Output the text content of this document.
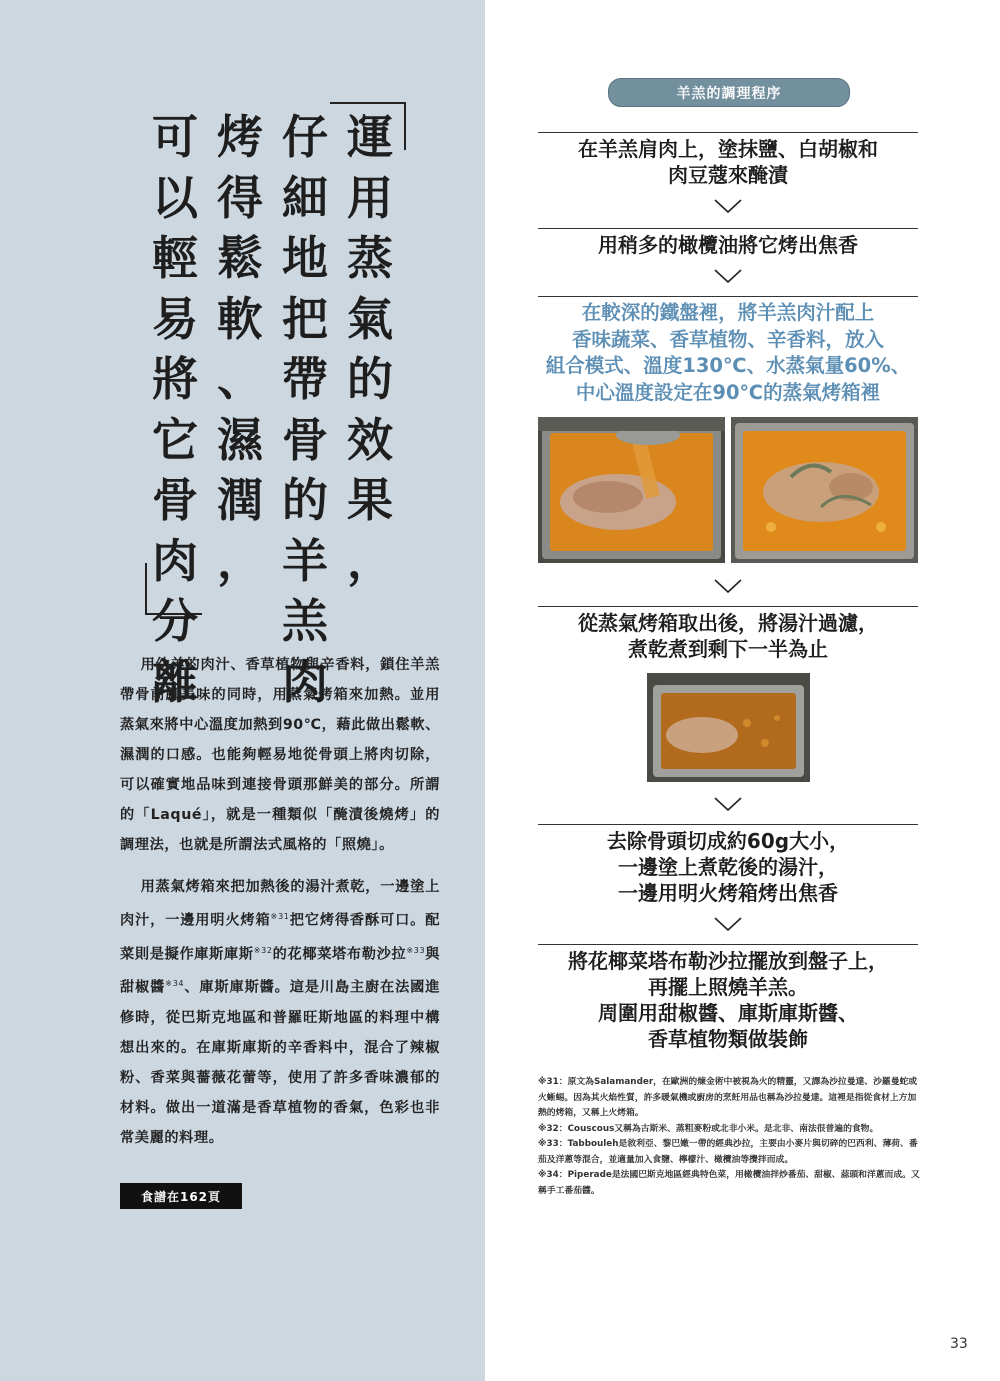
運
用
蒸
氣
的
效
果
，
仔
細
地
把
帶
骨
的
羊
羔
肉
烤
得
鬆
軟
、
濕
潤
，
可
以
輕
易
將
它
骨
肉
分
離

用幼羊的肉汁、香草植物與辛香料，鎖住羊羔帶骨前腳美味的同時，用蒸氣烤箱來加熱。並用蒸氣來將中心溫度加熱到90℃，藉此做出鬆軟、濕潤的口感。也能夠輕易地從骨頭上將肉切除，可以確實地品味到連接骨頭那鮮美的部分。所謂的「Laqué」，就是一種類似「醃漬後燒烤」的調理法，也就是所謂法式風格的「照燒」。

用蒸氣烤箱來把加熱後的湯汁煮乾，一邊塗上肉汁，一邊用明火烤箱$^{※31}$把它烤得香酥可口。配菜則是擬作庫斯庫斯$^{※32}$的花椰菜塔布勒沙拉$^{※33}$與甜椒醬$^{※34}$、庫斯庫斯醬。這是川島主廚在法國進修時，從巴斯克地區和普羅旺斯地區的料理中構想出來的。在庫斯庫斯的辛香料中，混合了辣椒粉、香菜與薔薇花蕾等，使用了許多香味濃郁的材料。做出一道滿是香草植物的香氣，色彩也非常美麗的料理。

食譜在162頁
羊羔的調理程序
在羊羔肩肉上，塗抹鹽、白胡椒和
肉豆蔻來醃漬
用稍多的橄欖油將它烤出焦香
在較深的鐵盤裡，將羊羔肉汁配上
香味蔬菜、香草植物、辛香料，放入
組合模式、溫度130℃、水蒸氣量60%、
中心溫度設定在90℃的蒸氣烤箱裡
從蒸氣烤箱取出後，將湯汁過濾，
煮乾煮到剩下一半為止
去除骨頭切成約60g大小，
一邊塗上煮乾後的湯汁，
一邊用明火烤箱烤出焦香
將花椰菜塔布勒沙拉擺放到盤子上，
再擺上照燒羊羔。
周圍用甜椒醬、庫斯庫斯醬、
香草植物類做裝飾
※31：原文為Salamander，在歐洲的煉金術中被視為火的精靈，又譯為沙拉曼達、沙羅曼蛇或火蜥蜴。因為其火焰性質，許多暖氣機或廚房的烹飪用品也稱為沙拉曼達。這裡是指從食材上方加熱的烤箱，又稱上火烤箱。
※32：Couscous又稱為古斯米、蒸粗麥粉或北非小米。是北非、南法很普遍的食物。
※33：Tabbouleh是敘利亞、黎巴嫩一帶的經典沙拉，主要由小麥片與切碎的巴西利、薄荷、番茄及洋蔥等混合，並適量加入食鹽、檸檬汁、橄欖油等攪拌而成。
※34：Piperade是法國巴斯克地區經典特色菜，用橄欖油拌炒番茄、甜椒、蒜頭和洋蔥而成。又稱手工番茄醬。
33
